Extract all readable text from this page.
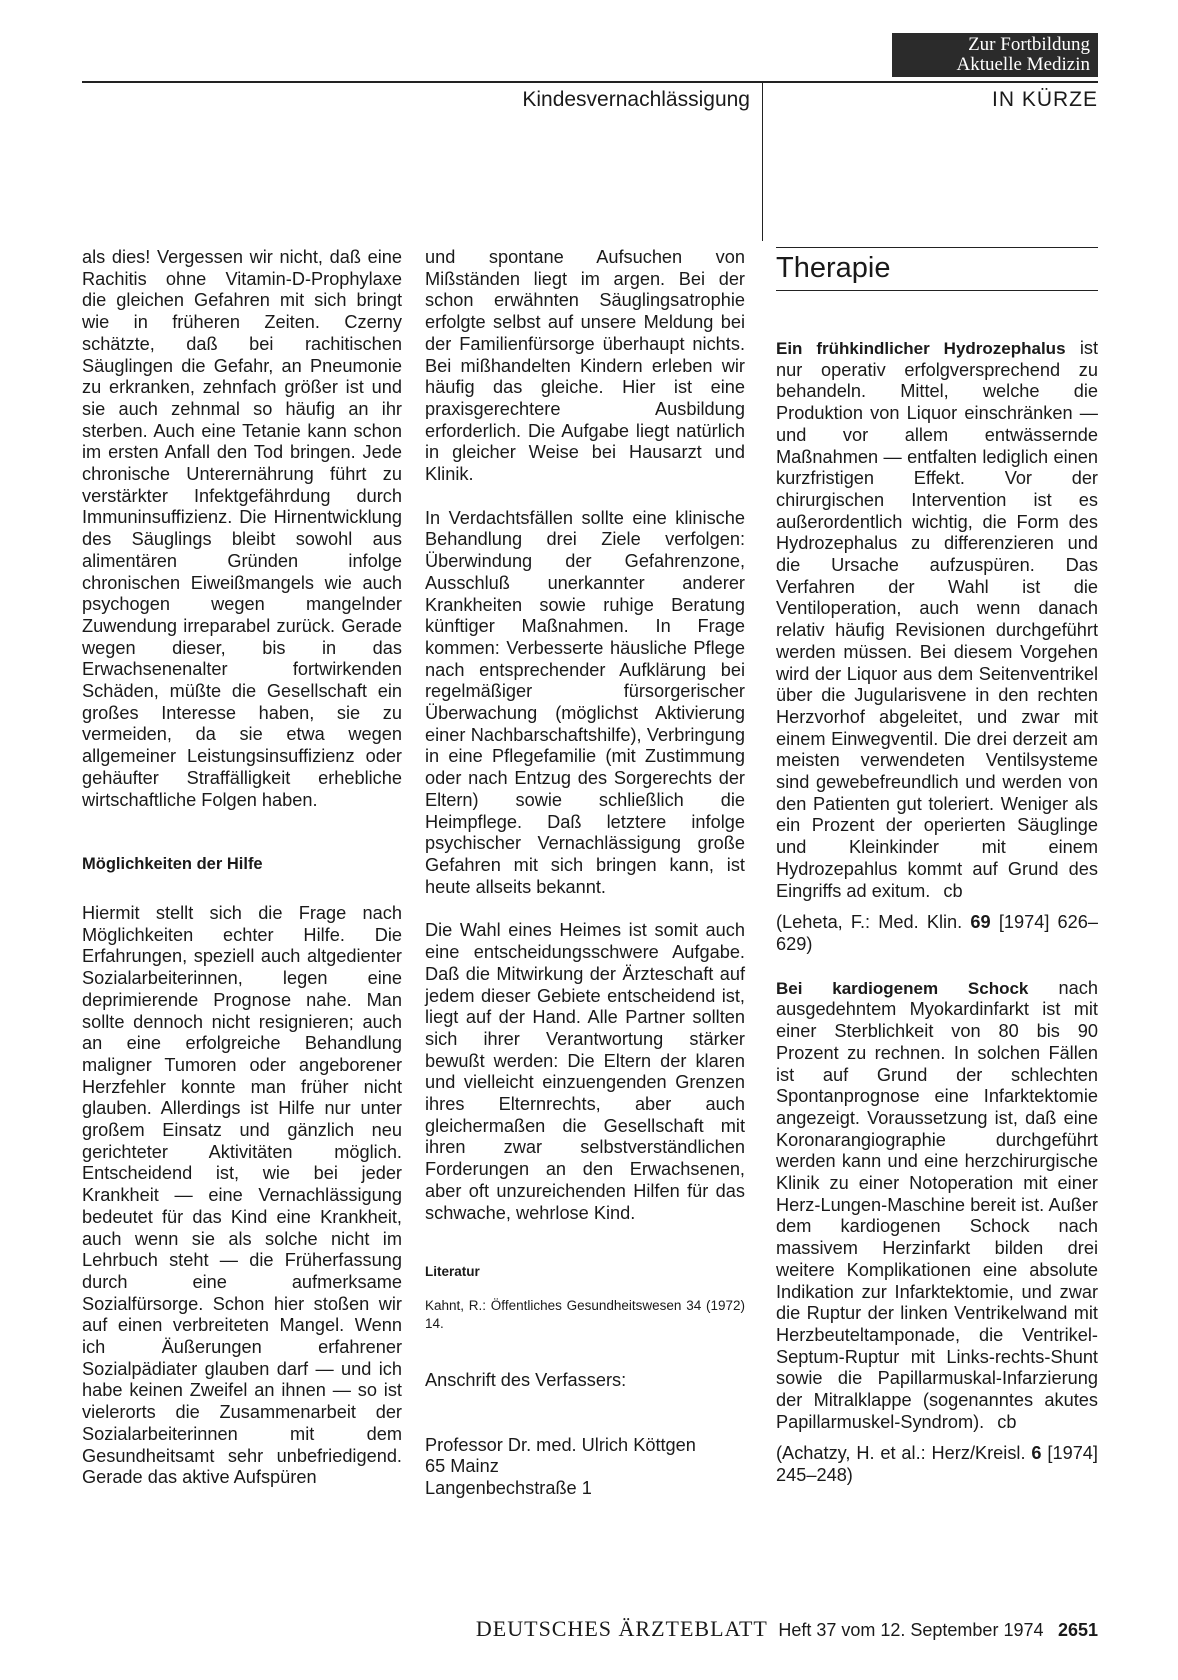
Zur Fortbildung
Aktuelle Medizin
Kindesvernachlässigung	IN KÜRZE

als dies! Vergessen wir nicht, daß eine Rachitis ohne Vitamin-D-Prophylaxe die gleichen Gefahren mit sich bringt wie in früheren Zeiten. Czerny schätzte, daß bei rachitischen Säuglingen die Gefahr, an Pneumonie zu erkranken, zehnfach größer ist und sie auch zehnmal so häufig an ihr sterben. Auch eine Tetanie kann schon im ersten Anfall den Tod bringen. Jede chronische Unterernährung führt zu verstärkter Infektgefährdung durch Immuninsuffizienz. Die Hirnentwicklung des Säuglings bleibt sowohl aus alimentären Gründen infolge chronischen Eiweißmangels wie auch psychogen wegen mangelnder Zuwendung irreparabel zurück. Gerade wegen dieser, bis in das Erwachsenenalter fortwirkenden Schäden, müßte die Gesellschaft ein großes Interesse haben, sie zu vermeiden, da sie etwa wegen allgemeiner Leistungsinsuffizienz oder gehäufter Straffälligkeit erhebliche wirtschaftliche Folgen haben.

Möglichkeiten der Hilfe

Hiermit stellt sich die Frage nach Möglichkeiten echter Hilfe. Die Erfahrungen, speziell auch altgedienter Sozialarbeiterinnen, legen eine deprimierende Prognose nahe. Man sollte dennoch nicht resignieren; auch an eine erfolgreiche Behandlung maligner Tumoren oder angeborener Herzfehler konnte man früher nicht glauben. Allerdings ist Hilfe nur unter großem Einsatz und gänzlich neu gerichteter Aktivitäten möglich. Entscheidend ist, wie bei jeder Krankheit — eine Vernachlässigung bedeutet für das Kind eine Krankheit, auch wenn sie als solche nicht im Lehrbuch steht — die Früherfassung durch eine aufmerksame Sozialfürsorge. Schon hier stoßen wir auf einen verbreiteten Mangel. Wenn ich Äußerungen erfahrener Sozialpädiater glauben darf — und ich habe keinen Zweifel an ihnen — so ist vielerorts die Zusammenarbeit der Sozialarbeiterinnen mit dem Gesundheitsamt sehr unbefriedigend. Gerade das aktive Aufspüren

und spontane Aufsuchen von Mißständen liegt im argen. Bei der schon erwähnten Säuglingsatrophie erfolgte selbst auf unsere Meldung bei der Familienfürsorge überhaupt nichts. Bei mißhandelten Kindern erleben wir häufig das gleiche. Hier ist eine praxisgerechtere Ausbildung erforderlich. Die Aufgabe liegt natürlich in gleicher Weise bei Hausarzt und Klinik.

In Verdachtsfällen sollte eine klinische Behandlung drei Ziele verfolgen: Überwindung der Gefahrenzone, Ausschluß unerkannter anderer Krankheiten sowie ruhige Beratung künftiger Maßnahmen. In Frage kommen: Verbesserte häusliche Pflege nach entsprechender Aufklärung bei regelmäßiger fürsorgerischer Überwachung (möglichst Aktivierung einer Nachbarschaftshilfe), Verbringung in eine Pflegefamilie (mit Zustimmung oder nach Entzug des Sorgerechts der Eltern) sowie schließlich die Heimpflege. Daß letztere infolge psychischer Vernachlässigung große Gefahren mit sich bringen kann, ist heute allseits bekannt.

Die Wahl eines Heimes ist somit auch eine entscheidungsschwere Aufgabe. Daß die Mitwirkung der Ärzteschaft auf jedem dieser Gebiete entscheidend ist, liegt auf der Hand. Alle Partner sollten sich ihrer Verantwortung stärker bewußt werden: Die Eltern der klaren und vielleicht einzuengenden Grenzen ihres Elternrechts, aber auch gleichermaßen die Gesellschaft mit ihren zwar selbstverständlichen Forderungen an den Erwachsenen, aber oft unzureichenden Hilfen für das schwache, wehrlose Kind.

Literatur

Kahnt, R.: Öffentliches Gesundheitswesen 34 (1972) 14.

Anschrift des Verfassers:

Professor Dr. med. Ulrich Köttgen

65 Mainz

Langenbechstraße 1

Therapie

Ein frühkindlicher Hydrozephalus ist nur operativ erfolgversprechend zu behandeln. Mittel, welche die Produktion von Liquor einschränken — und vor allem entwässernde Maßnahmen — entfalten lediglich einen kurzfristigen Effekt. Vor der chirurgischen Intervention ist es außerordentlich wichtig, die Form des Hydrozephalus zu differenzieren und die Ursache aufzuspüren. Das Verfahren der Wahl ist die Ventiloperation, auch wenn danach relativ häufig Revisionen durchgeführt werden müssen. Bei diesem Vorgehen wird der Liquor aus dem Seitenventrikel über die Jugularisvene in den rechten Herzvorhof abgeleitet, und zwar mit einem Einwegventil. Die drei derzeit am meisten verwendeten Ventilsysteme sind gewebefreundlich und werden von den Patienten gut toleriert. Weniger als ein Prozent der operierten Säuglinge und Kleinkinder mit einem Hydrozepahlus kommt auf Grund des Eingriffs ad exitum. cb

(Leheta, F.: Med. Klin. 69 [1974] 626–629)

Bei kardiogenem Schock nach ausgedehntem Myokardinfarkt ist mit einer Sterblichkeit von 80 bis 90 Prozent zu rechnen. In solchen Fällen ist auf Grund der schlechten Spontanprognose eine Infarktektomie angezeigt. Voraussetzung ist, daß eine Koronarangiographie durchgeführt werden kann und eine herzchirurgische Klinik zu einer Notoperation mit einer Herz-Lungen-Maschine bereit ist. Außer dem kardiogenen Schock nach massivem Herzinfarkt bilden drei weitere Komplikationen eine absolute Indikation zur Infarktektomie, und zwar die Ruptur der linken Ventrikelwand mit Herzbeuteltamponade, die Ventrikel-Septum-Ruptur mit Links-rechts-Shunt sowie die Papillarmuskal-Infarzierung der Mitralklappe (sogenanntes akutes Papillarmuskel-Syndrom). cb

(Achatzy, H. et al.: Herz/Kreisl. 6 [1974] 245–248)

DEUTSCHES ÄRZTEBLATT Heft 37 vom 12. September 1974 2651
